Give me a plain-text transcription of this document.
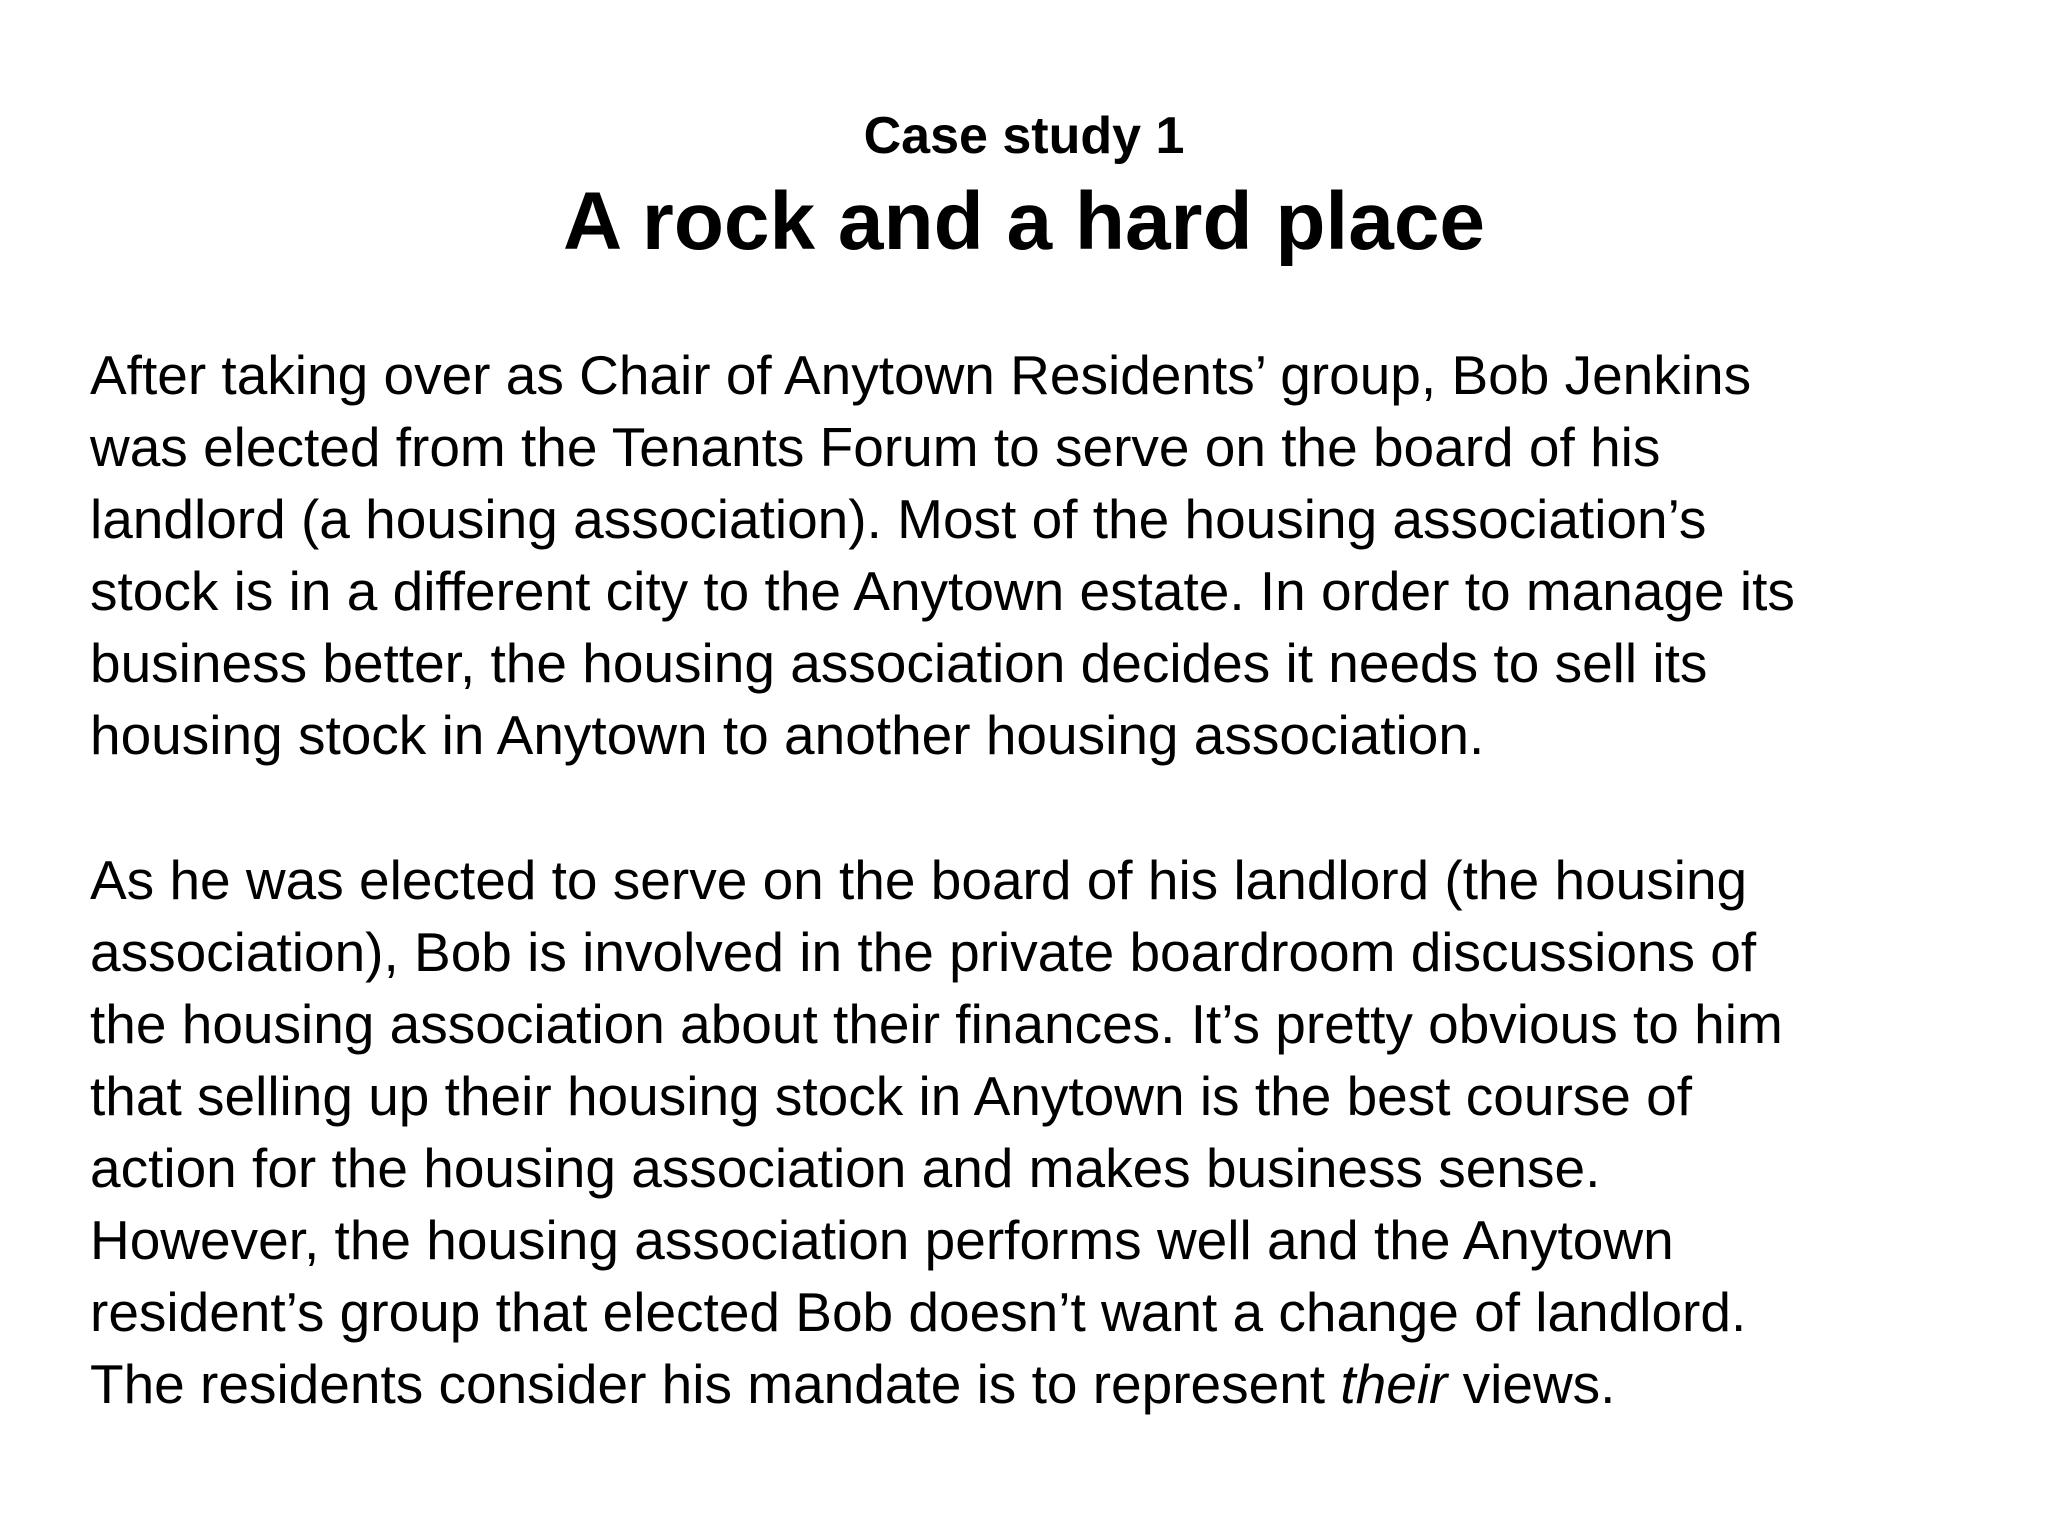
Case study 1

A rock and a hard place

After taking over as Chair of Anytown Residents’ group, Bob Jenkins
was elected from the Tenants Forum to serve on the board of his
landlord (a housing association). Most of the housing association’s
stock is in a different city to the Anytown estate. In order to manage its
business better, the housing association decides it needs to sell its
housing stock in Anytown to another housing association.

As he was elected to serve on the board of his landlord (the housing
association), Bob is involved in the private boardroom discussions of
the housing association about their finances. It’s pretty obvious to him
that selling up their housing stock in Anytown is the best course of
action for the housing association and makes business sense.
However, the housing association performs well and the Anytown
resident’s group that elected Bob doesn’t want a change of landlord.
The residents consider his mandate is to represent their views.
